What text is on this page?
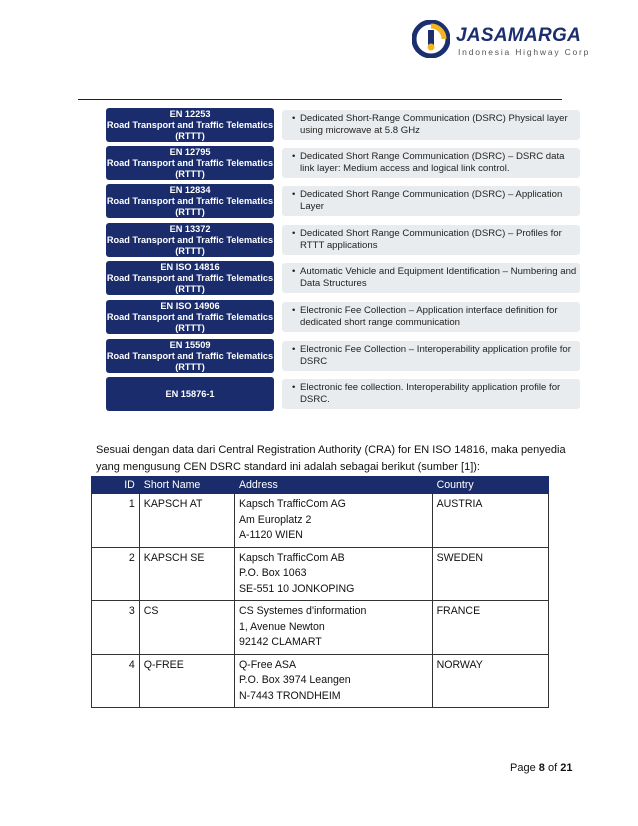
JASAMARGA
Indonesia Highway Corp
EN 12253
Road Transport and Traffic Telematics
(RTTT)
• Dedicated Short-Range Communication (DSRC) Physical layer using microwave at 5.8 GHz
EN 12795
Road Transport and Traffic Telematics
(RTTT)
• Dedicated Short Range Communication (DSRC) – DSRC data link layer: Medium access and logical link control.
EN 12834
Road Transport and Traffic Telematics
(RTTT)
• Dedicated Short Range Communication (DSRC) – Application Layer
EN 13372
Road Transport and Traffic Telematics
(RTTT)
• Dedicated Short Range Communication (DSRC) – Profiles for RTTT applications
EN ISO 14816
Road Transport and Traffic Telematics
(RTTT)
• Automatic Vehicle and Equipment Identification – Numbering and Data Structures
EN ISO 14906
Road Transport and Traffic Telematics
(RTTT)
• Electronic Fee Collection – Application interface definition for dedicated short range communication
EN 15509
Road Transport and Traffic Telematics
(RTTT)
• Electronic Fee Collection – Interoperability application profile for DSRC
EN 15876-1
• Electronic fee collection. Interoperability application profile for DSRC.

Sesuai dengan data dari Central Registration Authority (CRA) for EN ISO 14816, maka penyedia yang mengusung CEN DSRC standard ini adalah sebagai berikut (sumber [1]):

ID	Short Name	Address	Country
1	KAPSCH AT	Kapsch TrafficCom AG
Am Europlatz 2
A-1120 WIEN	AUSTRIA
2	KAPSCH SE	Kapsch TrafficCom AB
P.O. Box 1063
SE-551 10 JONKOPING	SWEDEN
3	CS	CS Systemes d'information
1, Avenue Newton
92142 CLAMART	FRANCE
4	Q-FREE	Q-Free ASA
P.O. Box 3974 Leangen
N-7443 TRONDHEIM	NORWAY
Page 8 of 21
